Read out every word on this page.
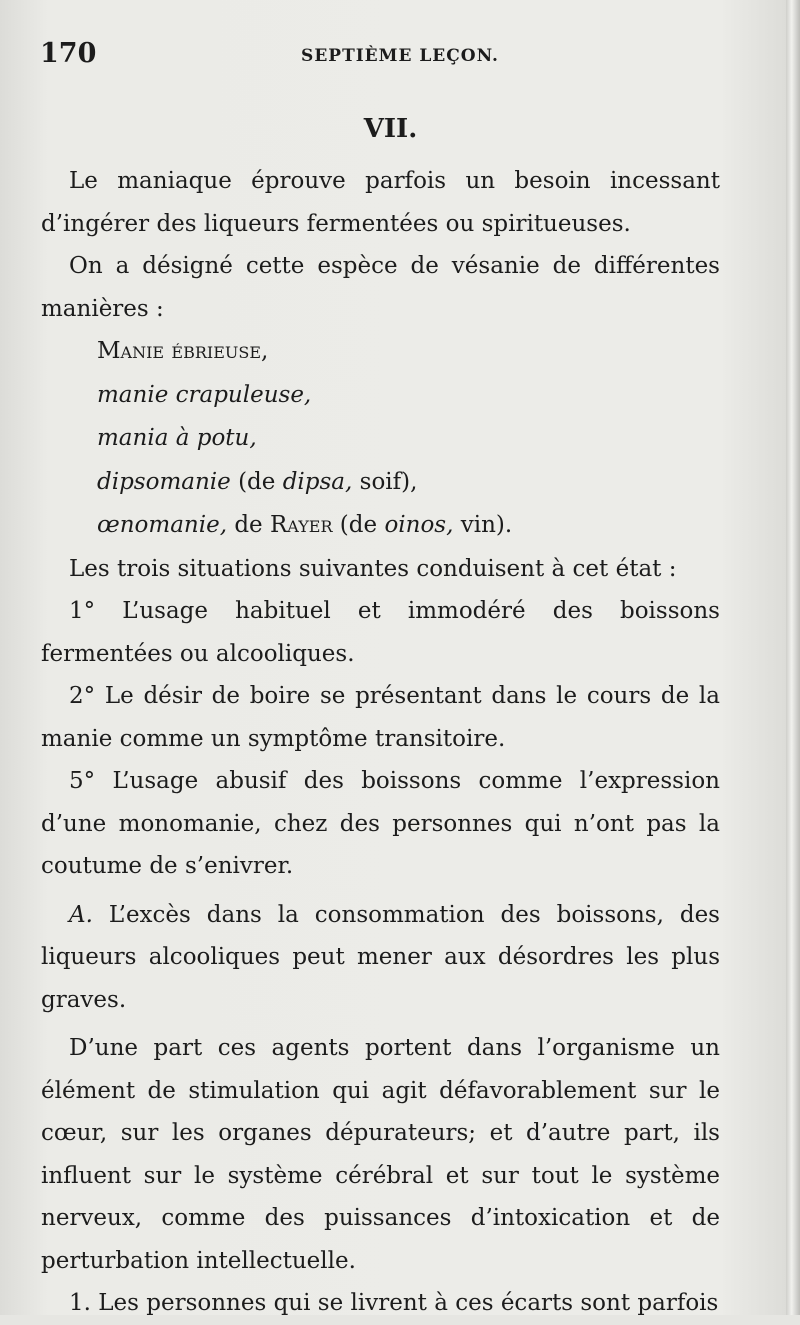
170	SEPTIÈME LEÇON.
VII.

Le maniaque éprouve parfois un besoin incessant d’ingérer des liqueurs fermentées ou spiritueuses.

On a désigné cette espèce de vésanie de différentes manières :

Manie ébrieuse,
manie crapuleuse,
mania à potu,
dipsomanie (de dipsa, soif),
œnomanie, de Rayer (de oinos, vin).

Les trois situations suivantes conduisent à cet état :

1° L’usage habituel et immodéré des boissons fermentées ou alcooliques.

2° Le désir de boire se présentant dans le cours de la manie comme un symptôme transitoire.

5° L’usage abusif des boissons comme l’expression d’une monomanie, chez des personnes qui n’ont pas la coutume de s’enivrer.

A. L’excès dans la consommation des boissons, des liqueurs alcooliques peut mener aux désordres les plus graves.

D’une part ces agents portent dans l’organisme un élément de stimulation qui agit défavorablement sur le cœur, sur les organes dépurateurs; et d’autre part, ils influent sur le système cérébral et sur tout le système nerveux, comme des puissances d’intoxication et de perturbation intellectuelle.

1. Les personnes qui se livrent à ces écarts sont parfois
